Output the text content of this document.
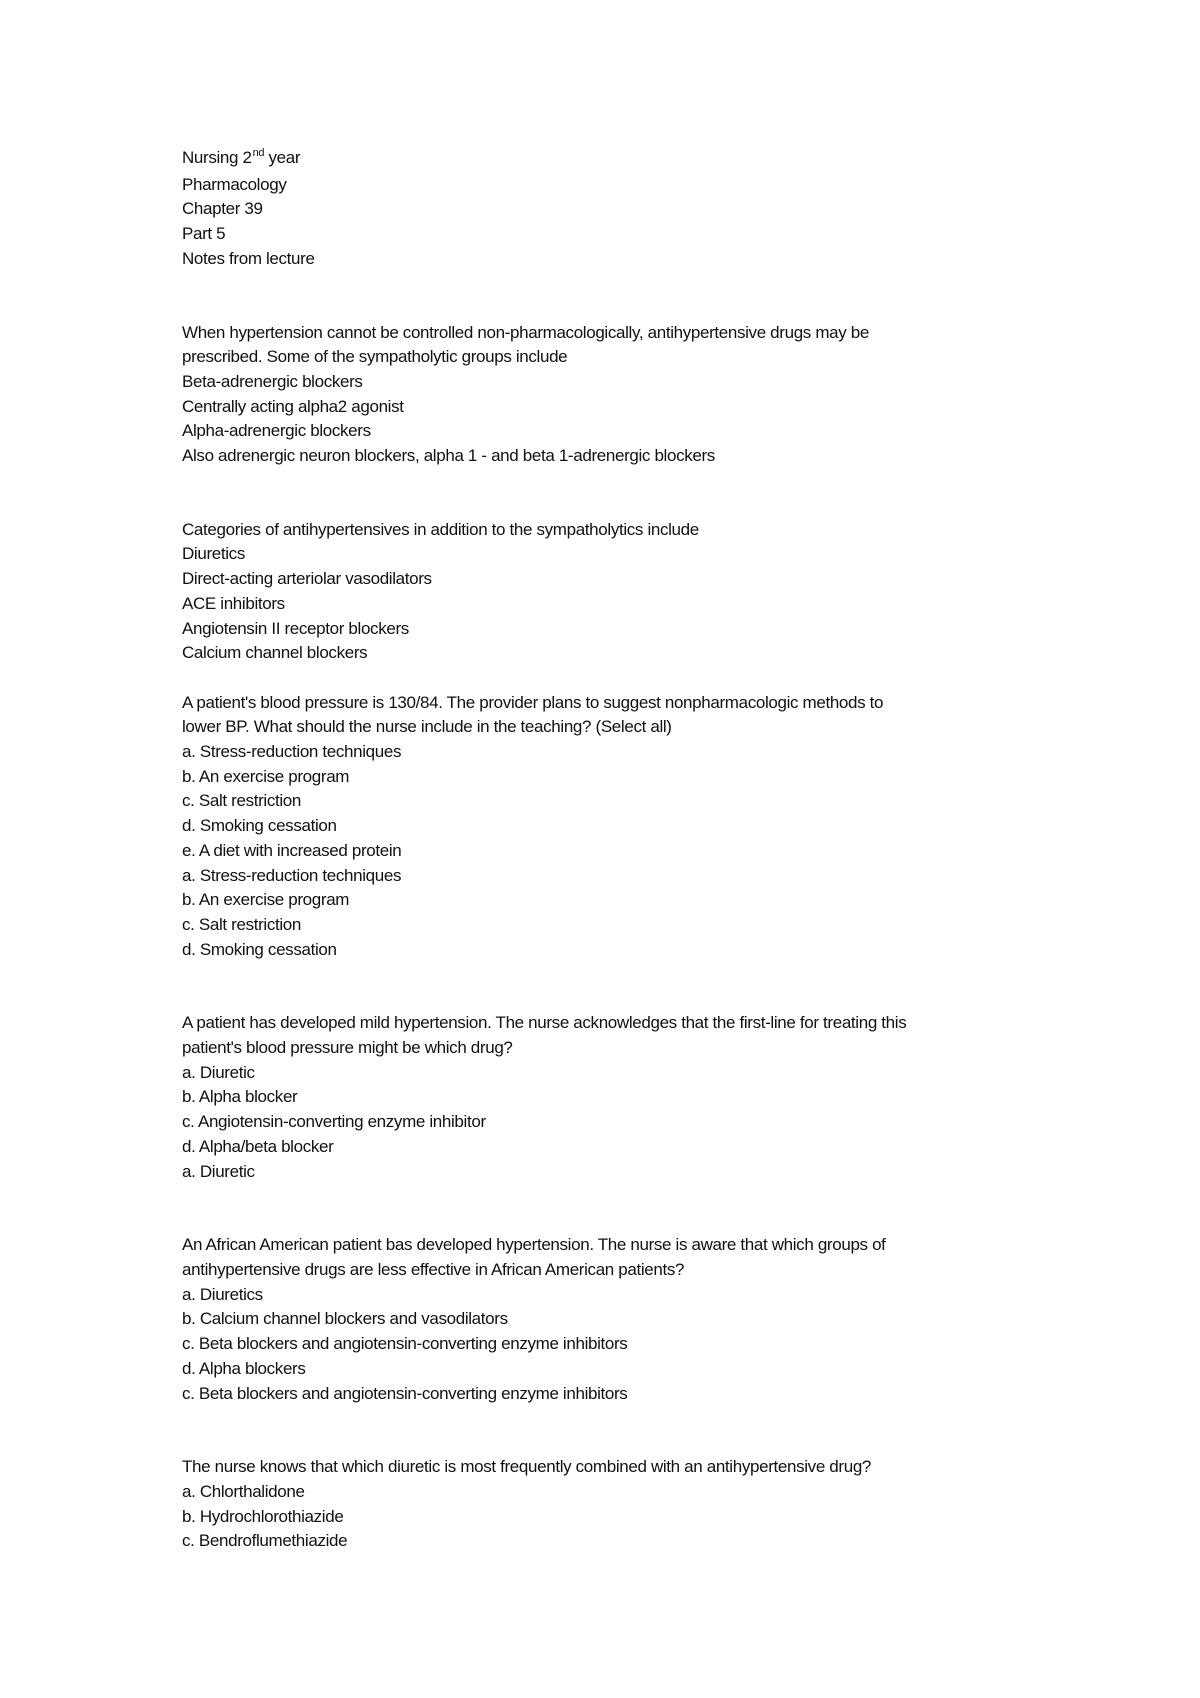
Nursing 2nd year
Pharmacology
Chapter 39
Part 5
Notes from lecture
When hypertension cannot be controlled non-pharmacologically, antihypertensive drugs may be
prescribed. Some of the sympatholytic groups include
Beta-adrenergic blockers
Centrally acting alpha2 agonist
Alpha-adrenergic blockers
Also adrenergic neuron blockers, alpha 1 - and beta 1-adrenergic blockers
Categories of antihypertensives in addition to the sympatholytics include
Diuretics
Direct-acting arteriolar vasodilators
ACE inhibitors
Angiotensin II receptor blockers
Calcium channel blockers
A patient's blood pressure is 130/84. The provider plans to suggest nonpharmacologic methods to
lower BP. What should the nurse include in the teaching? (Select all)
a. Stress-reduction techniques
b. An exercise program
c. Salt restriction
d. Smoking cessation
e. A diet with increased protein
a. Stress-reduction techniques
b. An exercise program
c. Salt restriction
d. Smoking cessation
A patient has developed mild hypertension. The nurse acknowledges that the first-line for treating this
patient's blood pressure might be which drug?
a. Diuretic
b. Alpha blocker
c. Angiotensin-converting enzyme inhibitor
d. Alpha/beta blocker
a. Diuretic
An African American patient bas developed hypertension. The nurse is aware that which groups of
antihypertensive drugs are less effective in African American patients?
a. Diuretics
b. Calcium channel blockers and vasodilators
c. Beta blockers and angiotensin-converting enzyme inhibitors
d. Alpha blockers
c. Beta blockers and angiotensin-converting enzyme inhibitors
The nurse knows that which diuretic is most frequently combined with an antihypertensive drug?
a. Chlorthalidone
b. Hydrochlorothiazide
c. Bendroflumethiazide
